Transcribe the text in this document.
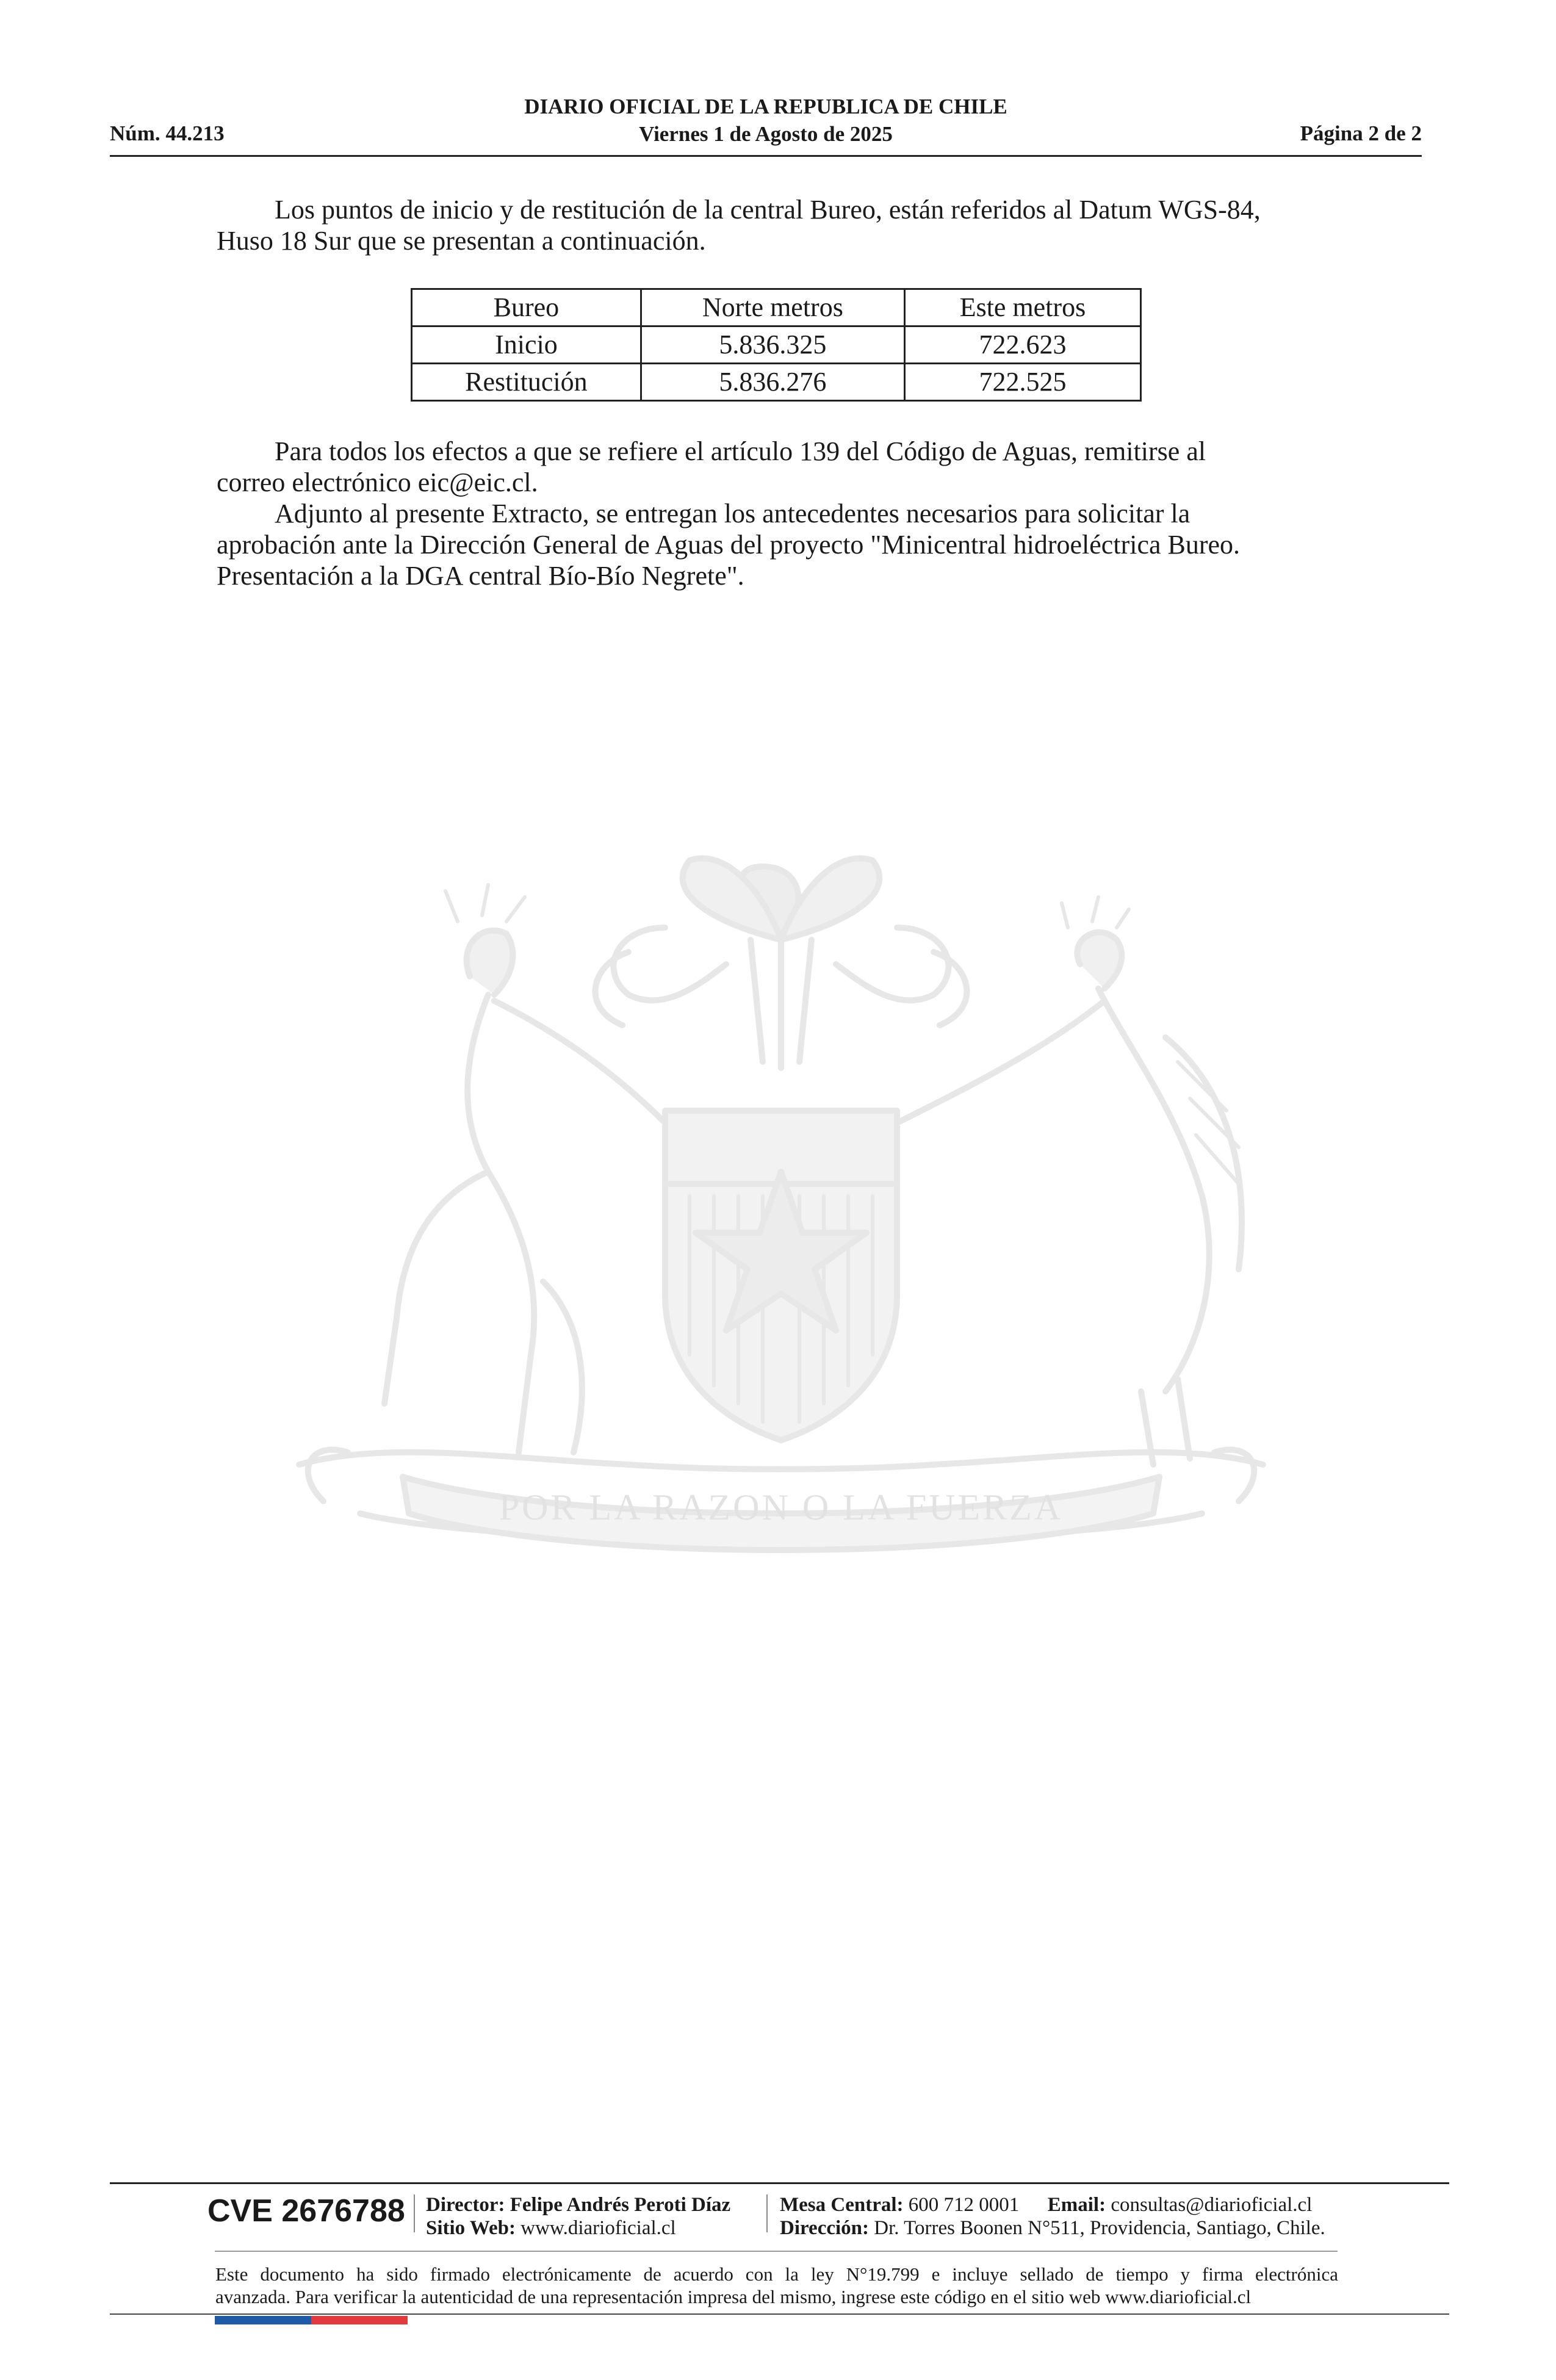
DIARIO OFICIAL DE LA REPUBLICA DE CHILE
Viernes 1 de Agosto de 2025
Núm. 44.213	Página 2 de 2

Los puntos de inicio y de restitución de la central Bureo, están referidos al Datum WGS-84,

Huso 18 Sur que se presentan a continuación.

Bureo	Norte metros	Este metros
Inicio	5.836.325	722.623
Restitución	5.836.276	722.525

Para todos los efectos a que se refiere el artículo 139 del Código de Aguas, remitirse al

correo electrónico eic@eic.cl.

Adjunto al presente Extracto, se entregan los antecedentes necesarios para solicitar la

aprobación ante la Dirección General de Aguas del proyecto "Minicentral hidroeléctrica Bureo.

Presentación a la DGA central Bío-Bío Negrete".

POR LA RAZON O LA FUERZA
CVE 2676788 Director: Felipe Andrés Peroti Díaz
Sitio Web: www.diarioficial.cl
Mesa Central: 600 712 0001 Email: consultas@diarioficial.cl
Dirección: Dr. Torres Boonen N°511, Providencia, Santiago, Chile.

Este documento ha sido firmado electrónicamente de acuerdo con la ley N°19.799 e incluye sellado de tiempo y firma electrónica

avanzada. Para verificar la autenticidad de una representación impresa del mismo, ingrese este código en el sitio web www.diarioficial.cl
